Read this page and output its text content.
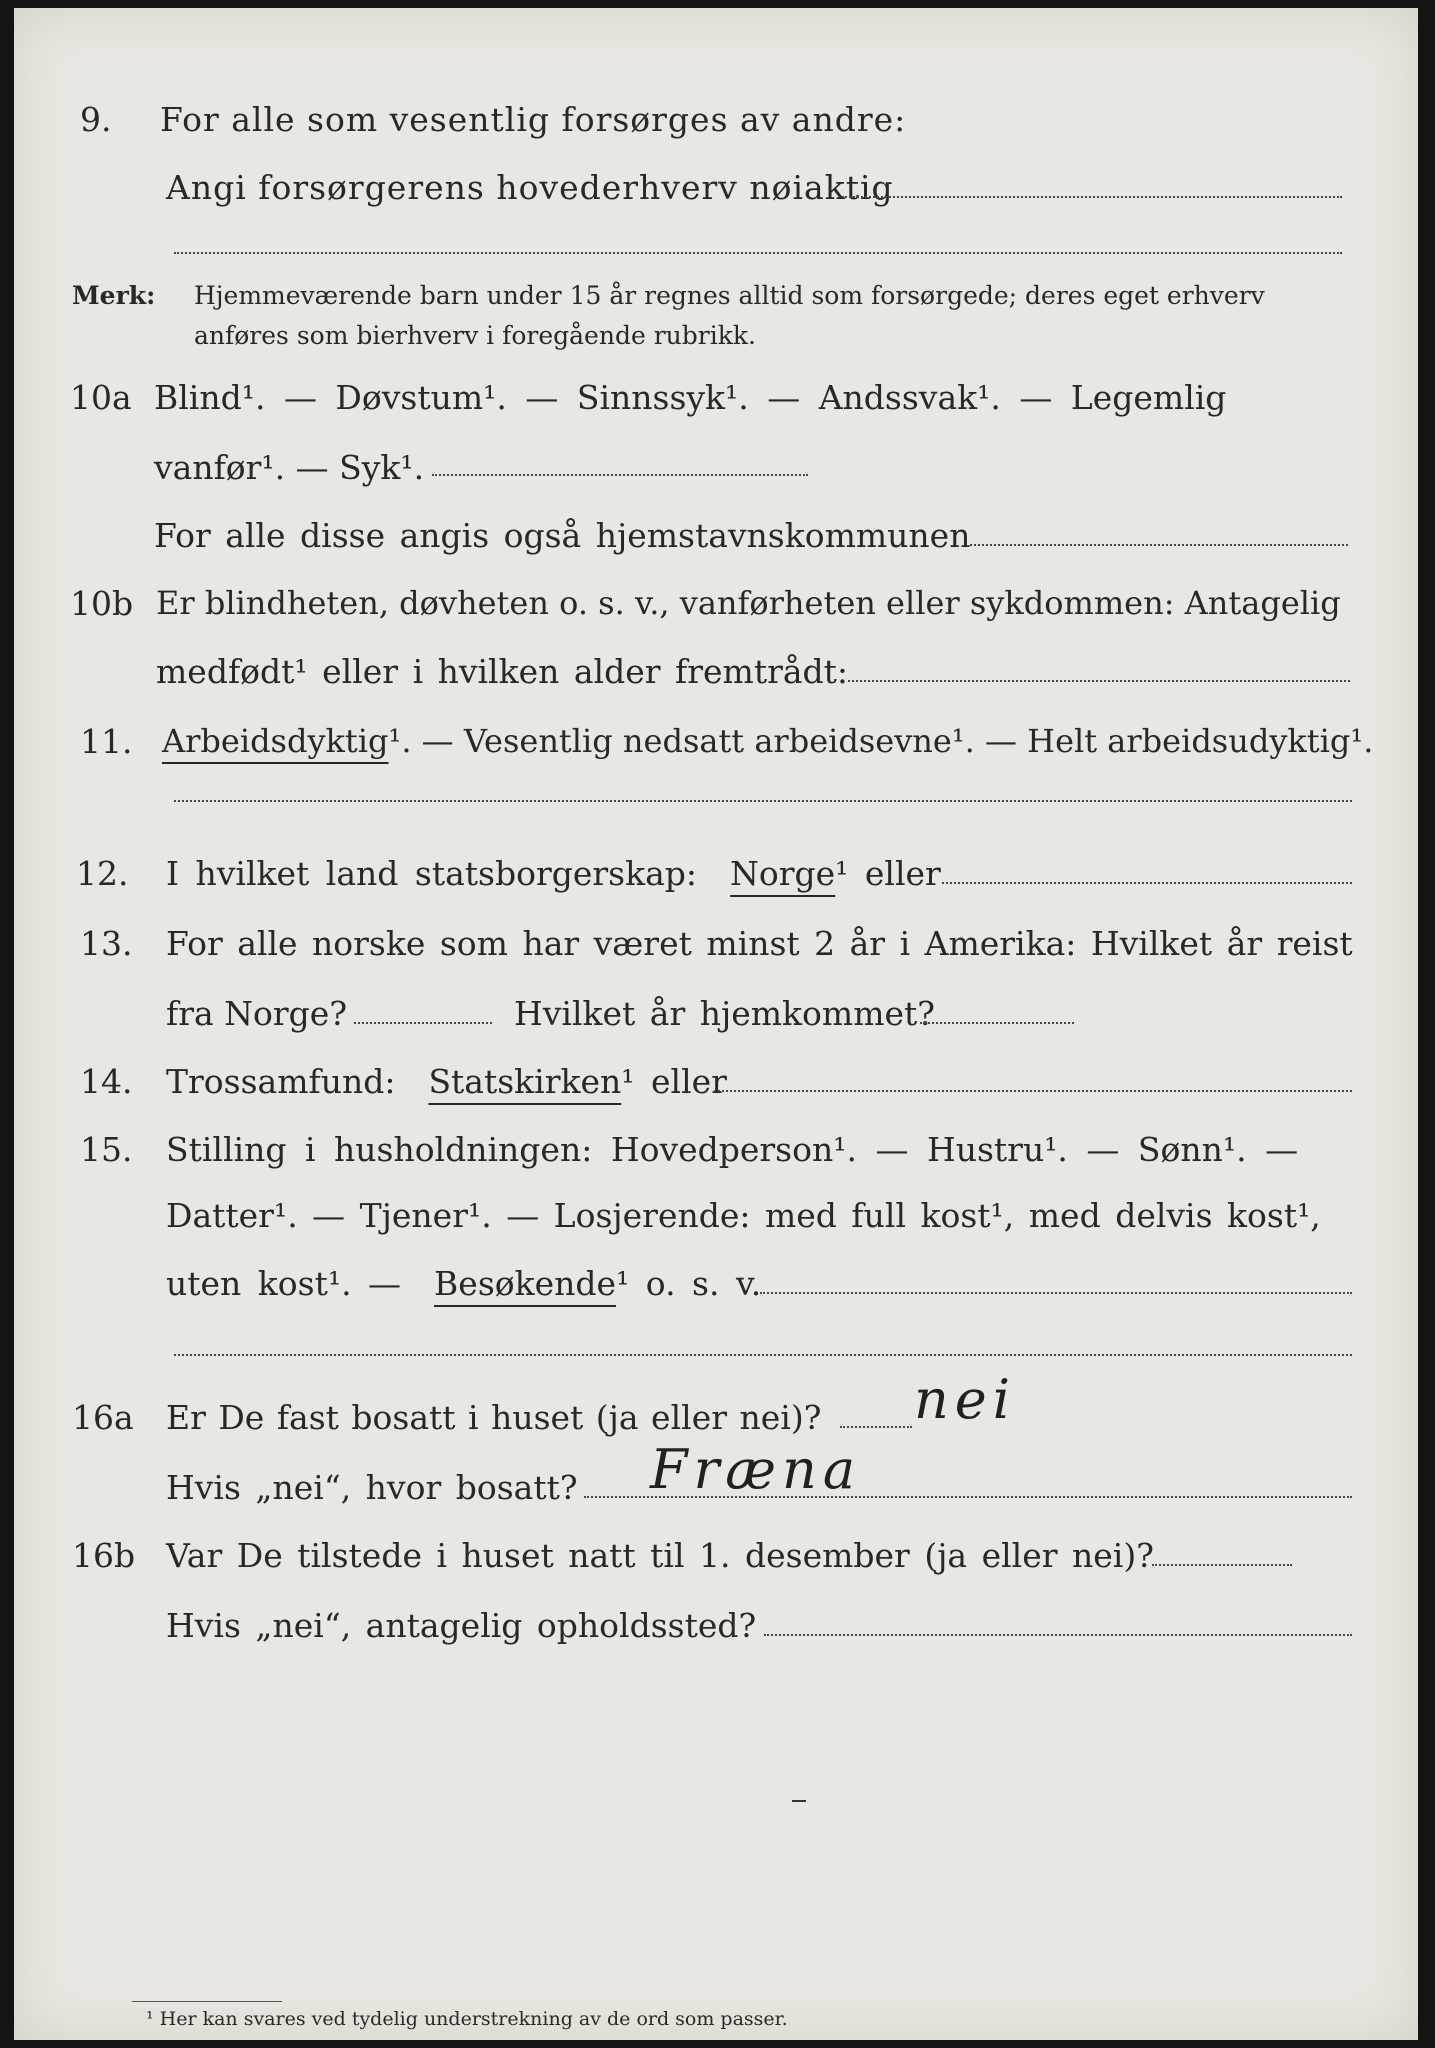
9. For alle som vesentlig forsørges av andre:
Angi forsørgerens hovederhverv nøiaktig
Merk: Hjemmeværende barn under 15 år regnes alltid som forsørgede; deres eget erhverv
anføres som bierhverv i foregående rubrikk.
10a Blind¹. — Døvstum¹. — Sinnssyk¹. — Andssvak¹. — Legemlig
vanfør¹. — Syk¹.
For alle disse angis også hjemstavnskommunen
10b Er blindheten, døvheten o. s. v., vanførheten eller sykdommen: Antagelig
medfødt¹ eller i hvilken alder fremtrådt:
11. Arbeidsdyktig ¹. — Vesentlig nedsatt arbeidsevne¹. — Helt arbeidsudyktig¹.
12. I hvilket land statsborgerskap:
Norge ¹ eller
13. For alle norske som har været minst 2 år i Amerika: Hvilket år reist
fra Norge?	Hvilket år hjemkommet?
14. Trossamfund:
Statskirken ¹ eller
15. Stilling i husholdningen: Hovedperson¹. — Hustru¹. — Sønn¹. —
Datter¹. — Tjener¹. — Losjerende: med full kost¹, med delvis kost¹,
uten kost¹. —
Besøkende ¹ o. s. v.
16a Er De fast bosatt i huset (ja eller nei)? nei
Hvis „nei“, hvor bosatt? Fræna
16b Var De tilstede i huset natt til 1. desember (ja eller nei)?
Hvis „nei“, antagelig opholdssted?
¹ Her kan svares ved tydelig understrekning av de ord som passer.
